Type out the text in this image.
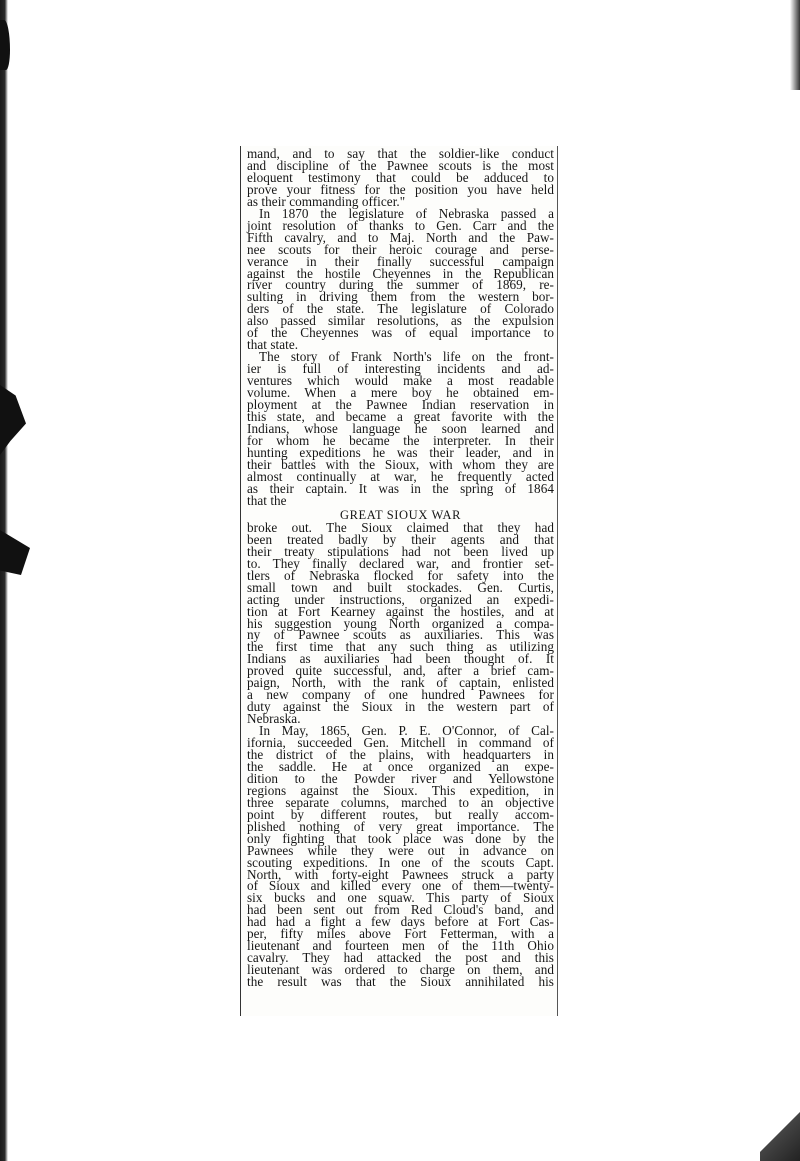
mand, and to say that the soldier-like conduct
and discipline of the Pawnee scouts is the most
eloquent testimony that could be adduced to
prove your fitness for the position you have held
as their commanding officer."
In 1870 the legislature of Nebraska passed a
joint resolution of thanks to Gen. Carr and the
Fifth cavalry, and to Maj. North and the Paw-
nee scouts for their heroic courage and perse-
verance in their finally successful campaign
against the hostile Cheyennes in the Republican
river country during the summer of 1869, re-
sulting in driving them from the western bor-
ders of the state. The legislature of Colorado
also passed similar resolutions, as the expulsion
of the Cheyennes was of equal importance to
that state.
The story of Frank North's life on the front-
ier is full of interesting incidents and ad-
ventures which would make a most readable
volume. When a mere boy he obtained em-
ployment at the Pawnee Indian reservation in
this state, and became a great favorite with the
Indians, whose language he soon learned and
for whom he became the interpreter. In their
hunting expeditions he was their leader, and in
their battles with the Sioux, with whom they are
almost continually at war, he frequently acted
as their captain. It was in the spring of 1864
that the
GREAT SIOUX WAR
broke out. The Sioux claimed that they had
been treated badly by their agents and that
their treaty stipulations had not been lived up
to. They finally declared war, and frontier set-
tlers of Nebraska flocked for safety into the
small town and built stockades. Gen. Curtis,
acting under instructions, organized an expedi-
tion at Fort Kearney against the hostiles, and at
his suggestion young North organized a compa-
ny of Pawnee scouts as auxiliaries. This was
the first time that any such thing as utilizing
Indians as auxiliaries had been thought of. It
proved quite successful, and, after a brief cam-
paign, North, with the rank of captain, enlisted
a new company of one hundred Pawnees for
duty against the Sioux in the western part of
Nebraska.
In May, 1865, Gen. P. E. O'Connor, of Cal-
ifornia, succeeded Gen. Mitchell in command of
the district of the plains, with headquarters in
the saddle. He at once organized an expe-
dition to the Powder river and Yellowstone
regions against the Sioux. This expedition, in
three separate columns, marched to an objective
point by different routes, but really accom-
plished nothing of very great importance. The
only fighting that took place was done by the
Pawnees while they were out in advance on
scouting expeditions. In one of the scouts Capt.
North, with forty-eight Pawnees struck a party
of Sioux and killed every one of them—twenty-
six bucks and one squaw. This party of Sioux
had been sent out from Red Cloud's band, and
had had a fight a few days before at Fort Cas-
per, fifty miles above Fort Fetterman, with a
lieutenant and fourteen men of the 11th Ohio
cavalry. They had attacked the post and this
lieutenant was ordered to charge on them, and
the result was that the Sioux annihilated his
